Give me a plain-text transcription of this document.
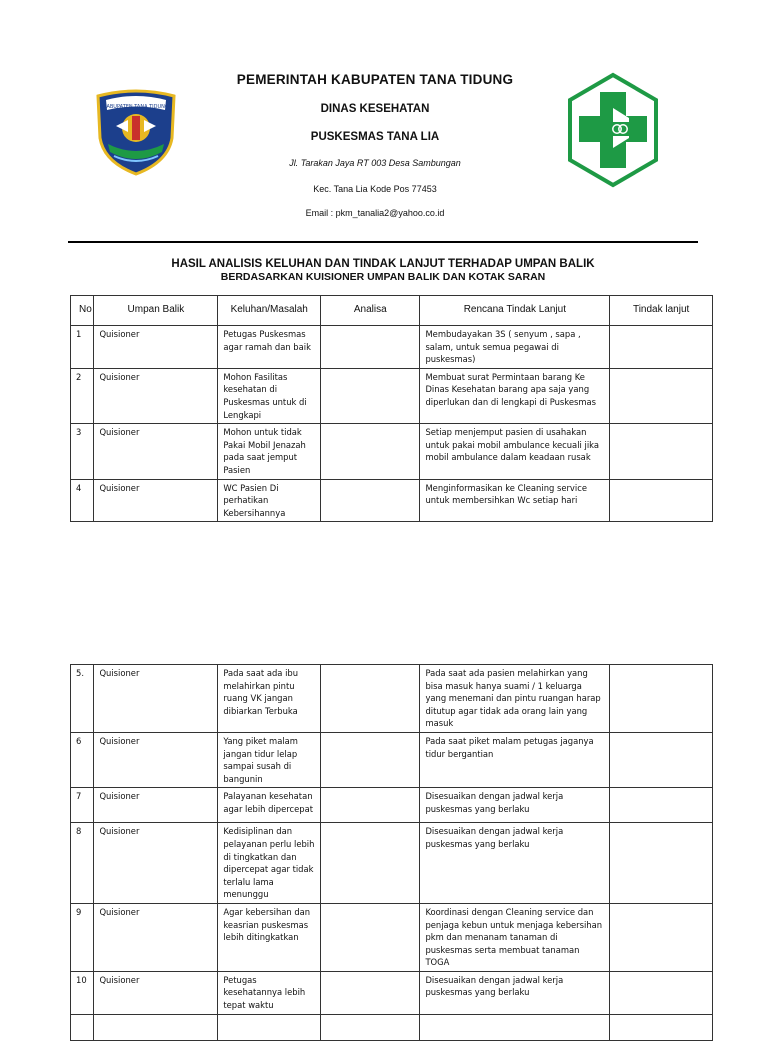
KABUPATEN TANA TIDUNG
PEMERINTAH KABUPATEN TANA TIDUNG
DINAS KESEHATAN
PUSKESMAS TANA LIA
Jl. Tarakan Jaya RT 003 Desa Sambungan
Kec. Tana Lia Kode Pos 77453
Email : pkm_tanalia2@yahoo.co.id
HASIL ANALISIS KELUHAN DAN TINDAK LANJUT TERHADAP UMPAN BALIK
BERDASARKAN KUISIONER UMPAN BALIK DAN KOTAK SARAN
No	Umpan Balik	Keluhan/Masalah	Analisa	Rencana Tindak Lanjut	Tindak lanjut
1	Quisioner	Petugas Puskesmas agar ramah dan baik		Membudayakan 3S ( senyum , sapa , salam, untuk semua pegawai di puskesmas)	
2	Quisioner	Mohon Fasilitas kesehatan di Puskesmas untuk di Lengkapi		Membuat surat Permintaan barang Ke Dinas Kesehatan barang apa saja yang diperlukan dan di lengkapi di Puskesmas	
3	Quisioner	Mohon untuk tidak Pakai Mobil Jenazah pada saat jemput Pasien		Setiap menjemput pasien di usahakan untuk pakai mobil ambulance kecuali jika mobil ambulance dalam keadaan rusak	
4	Quisioner	WC Pasien Di perhatikan Kebersihannya		Menginformasikan ke Cleaning service untuk membersihkan Wc setiap hari	
5.	Quisioner	Pada saat ada ibu melahirkan pintu ruang VK jangan dibiarkan Terbuka		Pada saat ada pasien melahirkan yang bisa masuk hanya suami / 1 keluarga yang menemani dan pintu ruangan harap ditutup agar tidak ada orang lain yang masuk	
6	Quisioner	Yang piket malam jangan tidur lelap sampai susah di bangunin		Pada saat piket malam petugas jaganya tidur bergantian	
7	Quisioner	Palayanan kesehatan agar lebih dipercepat		Disesuaikan dengan jadwal kerja puskesmas yang berlaku	
8	Quisioner	Kedisiplinan dan pelayanan perlu lebih di tingkatkan dan dipercepat agar tidak terlalu lama menunggu		Disesuaikan dengan jadwal kerja puskesmas yang berlaku	
9	Quisioner	Agar kebersihan dan keasrian puskesmas lebih ditingkatkan		Koordinasi dengan Cleaning service dan penjaga kebun untuk menjaga kebersihan pkm dan menanam tanaman di puskesmas serta membuat tanaman TOGA	
10	Quisioner	Petugas kesehatannya lebih tepat waktu		Disesuaikan dengan jadwal kerja puskesmas yang berlaku	
